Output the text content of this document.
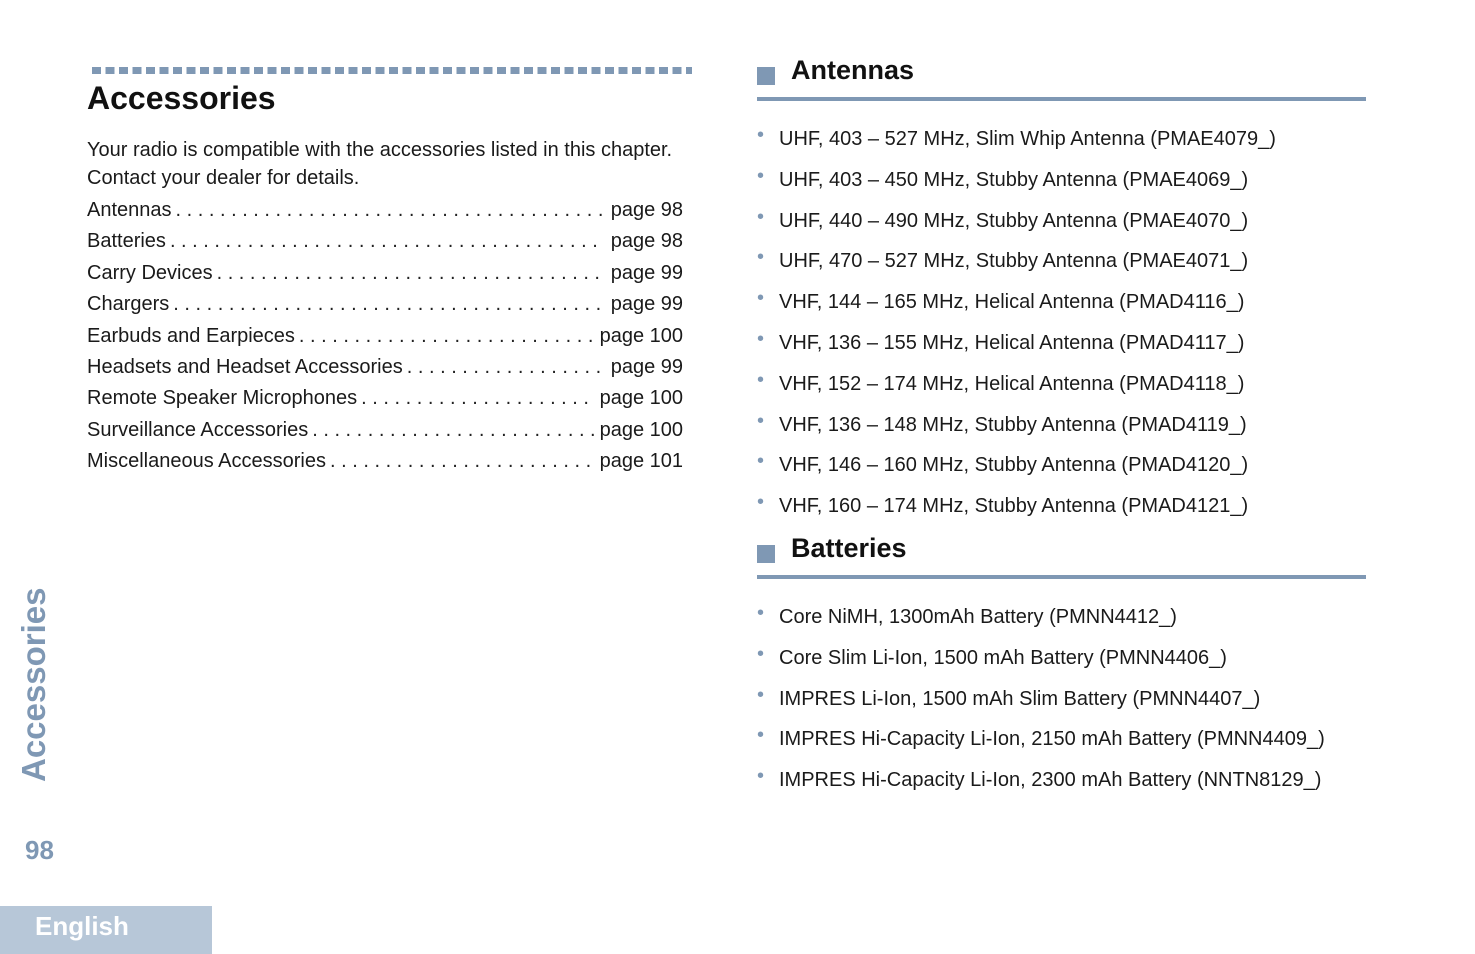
Accessories

Your radio is compatible with the accessories listed in this chapter. Contact your dealer for details.

Antennas . . .	page 98
Batteries . . .	page 98
Carry Devices . . .	page 99
Chargers . . .	page 99
Earbuds and Earpieces . . .	page 100
Headsets and Headset Accessories . . .	page 99
Remote Speaker Microphones . . .	page 100
Surveillance Accessories . . .	page 100
Miscellaneous Accessories . . .	page 101
Antennas
• UHF, 403 – 527 MHz, Slim Whip Antenna (PMAE4079_)
• UHF, 403 – 450 MHz, Stubby Antenna (PMAE4069_)
• UHF, 440 – 490 MHz, Stubby Antenna (PMAE4070_)
• UHF, 470 – 527 MHz, Stubby Antenna (PMAE4071_)
• VHF, 144 – 165 MHz, Helical Antenna (PMAD4116_)
• VHF, 136 – 155 MHz, Helical Antenna (PMAD4117_)
• VHF, 152 – 174 MHz, Helical Antenna (PMAD4118_)
• VHF, 136 – 148 MHz, Stubby Antenna (PMAD4119_)
• VHF, 146 – 160 MHz, Stubby Antenna (PMAD4120_)
• VHF, 160 – 174 MHz, Stubby Antenna (PMAD4121_)
Batteries
• Core NiMH, 1300mAh Battery (PMNN4412_)
• Core Slim Li-Ion, 1500 mAh Battery (PMNN4406_)
• IMPRES Li-Ion, 1500 mAh Slim Battery (PMNN4407_)
• IMPRES Hi-Capacity Li-Ion, 2150 mAh Battery (PMNN4409_)
• IMPRES Hi-Capacity Li-Ion, 2300 mAh Battery (NNTN8129_)
Accessories
98
English
